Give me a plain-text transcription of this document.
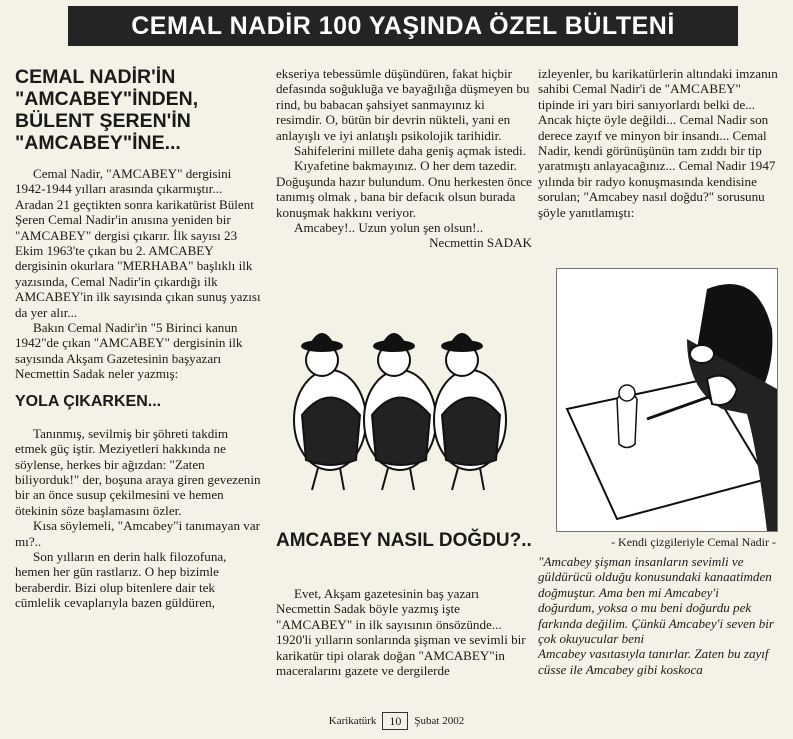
CEMAL NADİR 100 YAŞINDA ÖZEL BÜLTENİ
CEMAL NADİR'İN "AMCABEY"İNDEN, BÜLENT ŞEREN'İN "AMCABEY"İNE...

Cemal Nadir, "AMCABEY" dergisini 1942-1944 yılları arasında çıkarmıştır... Aradan 21 geçtikten sonra karikatürist Bülent Şeren Cemal Nadir'in anısına yeniden bir "AMCABEY" dergisi çıkarır. İlk sayısı 23 Ekim 1963'te çıkan bu 2. AMCABEY dergisinin okurlara "MERHABA" başlıklı ilk yazısında, Cemal Nadir'in çıkardığı ilk AMCABEY'in ilk sayısında çıkan sunuş yazısı da yer alır...

Bakın Cemal Nadir'in "5 Birinci kanun 1942"de çıkan "AMCABEY" dergisinin ilk sayısında Akşam Gazetesinin başyazarı Necmettin Sadak neler yazmış:

YOLA ÇIKARKEN...

Tanınmış, sevilmiş bir şöhreti takdim etmek güç iştir. Meziyetleri hakkında ne söylense, herkes bir ağızdan: "Zaten biliyorduk!" der, boşuna araya giren gevezenin bir an önce susup çekilmesini ve hemen ötekinin söze başlamasını özler.

Kısa söylemeli, "Amcabey"i tanımayan var mı?..

Son yılların en derin halk filozofuna, hemen her gün rastlarız. O hep bizimle beraberdir. Bizi olup bitenlere dair tek cümlelik cevaplarıyla bazen güldüren,

ekseriya tebessümle düşündüren, fakat hiçbir defasında soğukluğa ve bayağılığa düşmeyen bu rind, bu babacan şahsiyet sanmayınız ki resimdir. O, bütün bir devrin nükteli, yani en anlayışlı ve iyi anlatışlı psikolojik tarihidir.

Sahifelerini millete daha geniş açmak istedi.

Kıyafetine bakmayınız. O her dem tazedir. Doğuşunda hazır bulundum. Onu herkesten önce tanımış olmak , bana bir defacık olsun burada konuşmak hakkını veriyor.

Amcabey!.. Uzun yolun şen olsun!..

Necmettin SADAK

AMCABEY NASIL DOĞDU?..

Evet, Akşam gazetesinin baş yazarı Necmettin Sadak böyle yazmış işte "AMCABEY" in ilk sayısının önsözünde... 1920'li yılların sonlarında şişman ve sevimli bir karikatür tipi olarak doğan "AMCABEY"in maceralarını gazete ve dergilerde

izleyenler, bu karikatürlerin altındaki imzanın sahibi Cemal Nadir'i de "AMCABEY" tipinde iri yarı biri sanıyorlardı belki de... Ancak hiçte öyle değildi... Cemal Nadir son derece zayıf ve minyon bir insandı... Cemal Nadir, kendi görünüşünün tam zıddı bir tip yaratmıştı anlayacağınız... Cemal Nadir 1947 yılında bir radyo konuşmasında kendisine sorulan; "Amcabey nasıl doğdu?" sorusunu şöyle yanıtlamıştı:

- Kendi çizgileriyle Cemal Nadir -

"Amcabey şişman insanların sevimli ve güldürücü olduğu konusundaki kanaatimden doğmuştur. Ama ben mi Amcabey'i doğurdum, yoksa o mu beni doğurdu pek farkında değilim. Çünkü Amcabey'i seven bir çok okuyucular beni

Amcabey vasıtasıyla tanırlar. Zaten bu zayıf cüsse ile Amcabey gibi koskoca

Karikatürk	10	Şubat 2002
